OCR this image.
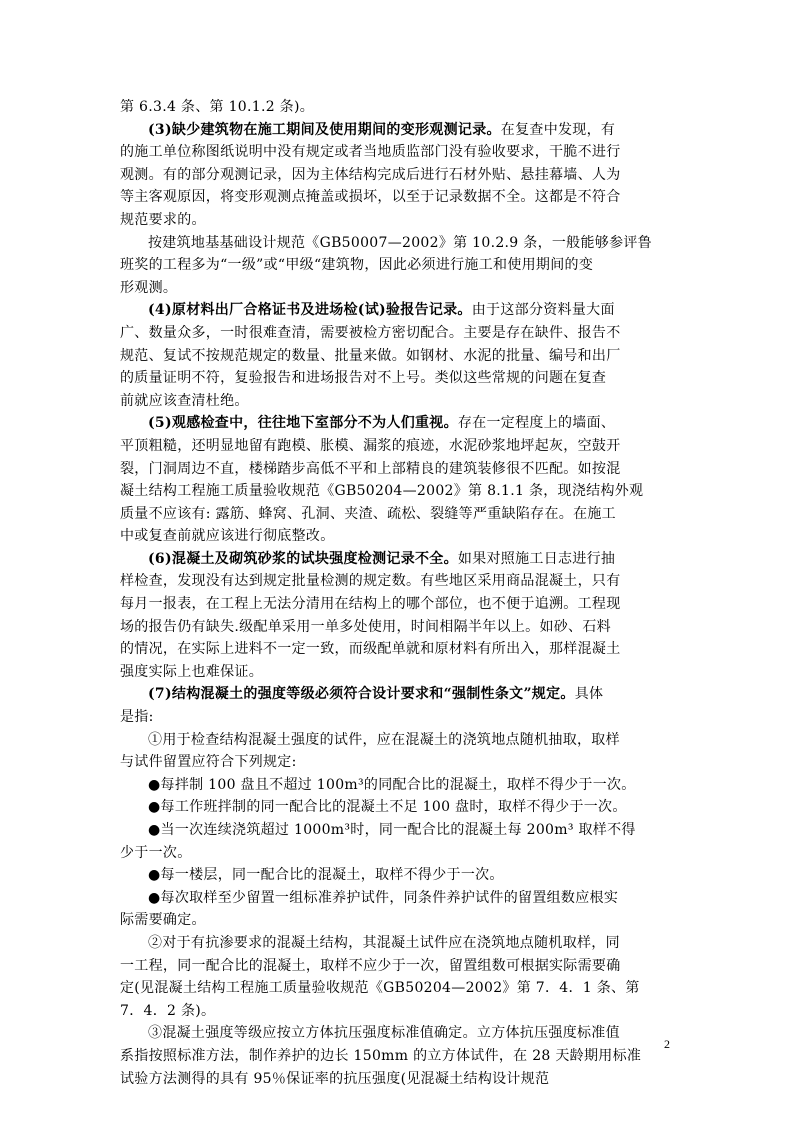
第 6.3.4 条、第 10.1.2 条)。
(3)缺少建筑物在施工期间及使用期间的变形观测记录。在复查中发现，有
的施工单位称图纸说明中没有规定或者当地质监部门没有验收要求，干脆不进行
观测。有的部分观测记录，因为主体结构完成后进行石材外贴、悬挂幕墙、人为
等主客观原因，将变形观测点掩盖或损坏，以至于记录数据不全。这都是不符合
规范要求的。
按建筑地基基础设计规范《GB50007—2002》第 10.2.9 条，一般能够参评鲁
班奖的工程多为“一级”或“甲级“建筑物，因此必须进行施工和使用期间的变
形观测。
(4)原材料出厂合格证书及进场检(试)验报告记录。由于这部分资料量大面
广、数量众多，一时很难查清，需要被检方密切配合。主要是存在缺件、报告不
规范、复试不按规范规定的数量、批量来做。如钢材、水泥的批量、编号和出厂
的质量证明不符，复验报告和进场报告对不上号。类似这些常规的问题在复查
前就应该查清杜绝。
(5)观感检查中，往往地下室部分不为人们重视。存在一定程度上的墙面、
平顶粗糙，还明显地留有跑模、胀模、漏浆的痕迹，水泥砂浆地坪起灰，空鼓开
裂，门洞周边不直，楼梯踏步高低不平和上部精良的建筑装修很不匹配。如按混
凝土结构工程施工质量验收规范《GB50204—2002》第 8.1.1 条，现浇结构外观
质量不应该有: 露筋、蜂窝、孔洞、夹渣、疏松、裂缝等严重缺陷存在。在施工
中或复查前就应该进行彻底整改。
(6)混凝土及砌筑砂浆的试块强度检测记录不全。如果对照施工日志进行抽
样检查，发现没有达到规定批量检测的规定数。有些地区采用商品混凝土，只有
每月一报表，在工程上无法分清用在结构上的哪个部位，也不便于追溯。工程现
场的报告仍有缺失.级配单采用一单多处使用，时间相隔半年以上。如砂、石料
的情况，在实际上进料不一定一致，而级配单就和原材料有所出入，那样混凝土
强度实际上也难保证。
(7)结构混凝土的强度等级必须符合设计要求和“强制性条文”规定。具体
是指:
①用于检查结构混凝土强度的试件，应在混凝土的浇筑地点随机抽取，取样
与试件留置应符合下列规定:
●每拌制 100 盘且不超过 100m³的同配合比的混凝土，取样不得少于一次。
●每工作班拌制的同一配合比的混凝土不足 100 盘时，取样不得少于一次。
●当一次连续浇筑超过 1000m³时，同一配合比的混凝土每 200m³ 取样不得
少于一次。
●每一楼层，同一配合比的混凝土，取样不得少于一次。
●每次取样至少留置一组标准养护试件，同条件养护试件的留置组数应根实
际需要确定。
②对于有抗渗要求的混凝土结构，其混凝土试件应在浇筑地点随机取样，同
一工程，同一配合比的混凝土，取样不应少于一次，留置组数可根据实际需要确
定(见混凝土结构工程施工质量验收规范《GB50204—2002》第 7．4．1 条、第
7．4．2 条)。
③混凝土强度等级应按立方体抗压强度标准值确定。立方体抗压强度标准值
系指按照标准方法，制作养护的边长 150mm 的立方体试件，在 28 天龄期用标准
试验方法测得的具有 95％保证率的抗压强度(见混凝土结构设计规范
2
